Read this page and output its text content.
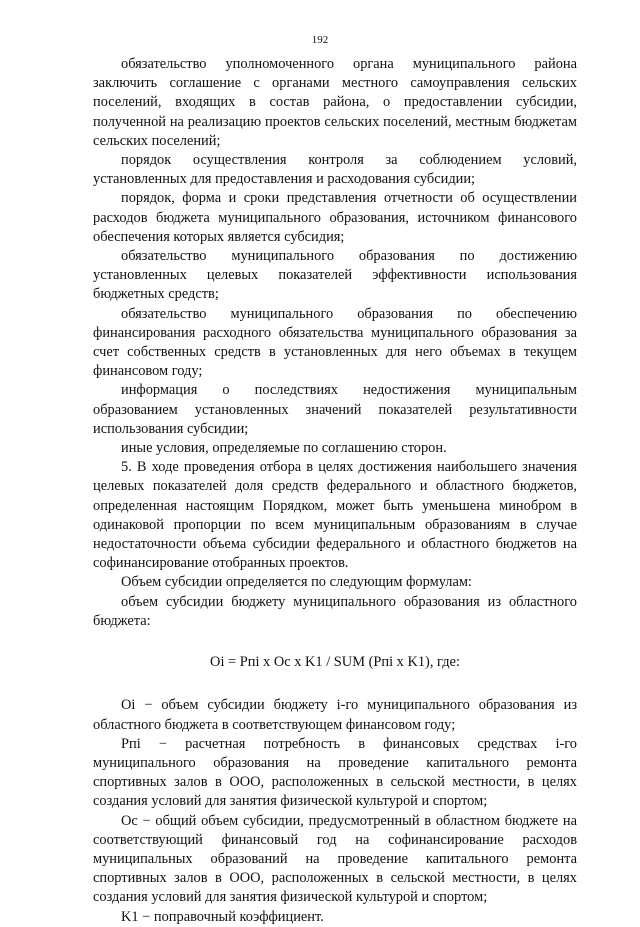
192

обязательство уполномоченного органа муниципального района заключить соглашение с органами местного самоуправления сельских поселений, входящих в состав района, о предоставлении субсидии, полученной на реализацию проектов сельских поселений, местным бюджетам сельских поселений;

порядок осуществления контроля за соблюдением условий, установленных для предоставления и расходования субсидии;

порядок, форма и сроки представления отчетности об осуществлении расходов бюджета муниципального образования, источником финансового обеспечения которых является субсидия;

обязательство муниципального образования по достижению установленных целевых показателей эффективности использования бюджетных средств;

обязательство муниципального образования по обеспечению финансирования расходного обязательства муниципального образования за счет собственных средств в установленных для него объемах в текущем финансовом году;

информация о последствиях недостижения муниципальным образованием установленных значений показателей результативности использования субсидии;

иные условия, определяемые по соглашению сторон.

5. В ходе проведения отбора в целях достижения наибольшего значения целевых показателей доля средств федерального и областного бюджетов, определенная настоящим Порядком, может быть уменьшена минобром в одинаковой пропорции по всем муниципальным образованиям в случае недостаточности объема субсидии федерального и областного бюджетов на софинансирование отобранных проектов.

Объем субсидии определяется по следующим формулам:

объем субсидии бюджету муниципального образования из областного бюджета:

Oi = Pпi x Oc x K1 / SUM (Pпi x K1), где:

Oi − объем субсидии бюджету i-го муниципального образования из областного бюджета в соответствующем финансовом году;

Pпi − расчетная потребность в финансовых средствах i-го муниципального образования на проведение капитального ремонта спортивных залов в ООО, расположенных в сельской местности, в целях создания условий для занятия физической культурой и спортом;

Oc − общий объем субсидии, предусмотренный в областном бюджете на соответствующий финансовый год на софинансирование расходов муниципальных образований на проведение капитального ремонта спортивных залов в ООО, расположенных в сельской местности, в целях создания условий для занятия физической культурой и спортом;

K1 − поправочный коэффициент.
